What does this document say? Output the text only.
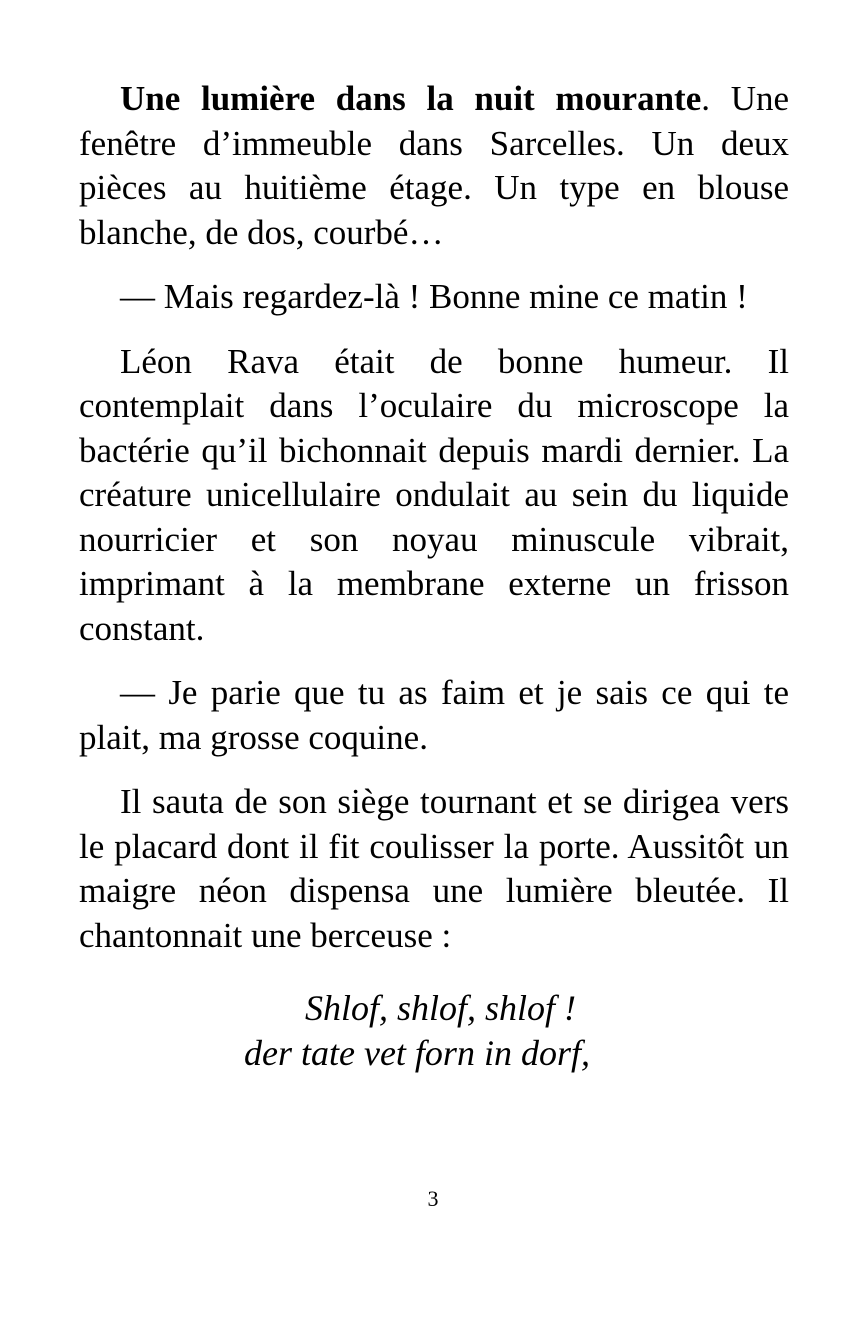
Une lumière dans la nuit mourante. Une fenêtre d’immeuble dans Sarcelles. Un deux pièces au huitième étage. Un type en blouse blanche, de dos, courbé…

— Mais regardez-là ! Bonne mine ce matin !

Léon Rava était de bonne humeur. Il contemplait dans l’oculaire du microscope la bactérie qu’il bichonnait depuis mardi dernier. La créature unicellulaire ondulait au sein du liquide nourricier et son noyau minuscule vibrait, imprimant à la membrane externe un frisson constant.

— Je parie que tu as faim et je sais ce qui te plait, ma grosse coquine.

Il sauta de son siège tournant et se dirigea vers le placard dont il fit coulisser la porte. Aussitôt un maigre néon dispensa une lumière bleutée. Il chantonnait une berceuse :

Shlof, shlof, shlof !
der tate vet forn in dorf,
3
